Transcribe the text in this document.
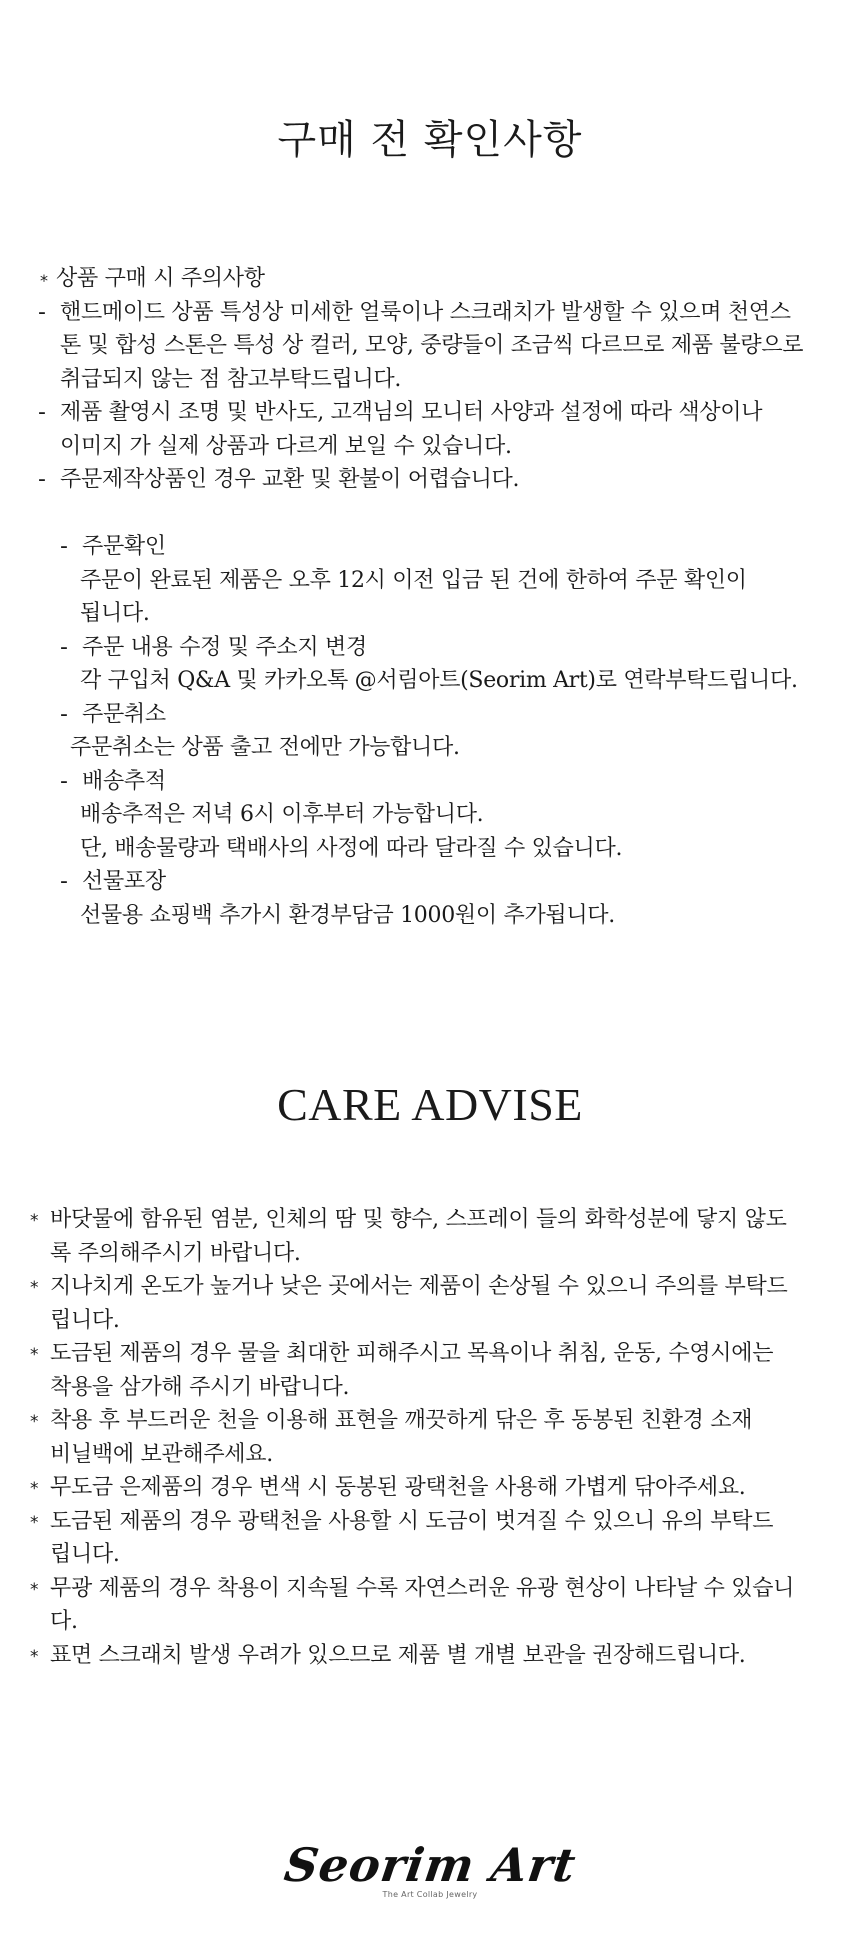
구매 전 확인사항
* 상품 구매 시 주의사항
- 핸드메이드 상품 특성상 미세한 얼룩이나 스크래치가 발생할 수 있으며 천연스
톤 및 합성 스톤은 특성 상 컬러, 모양, 중량들이 조금씩 다르므로 제품 불량으로
취급되지 않는 점 참고부탁드립니다.
- 제품 촬영시 조명 및 반사도, 고객님의 모니터 사양과 설정에 따라 색상이나
이미지 가 실제 상품과 다르게 보일 수 있습니다.
- 주문제작상품인 경우 교환 및 환불이 어렵습니다.
- 주문확인
주문이 완료된 제품은 오후 12시 이전 입금 된 건에 한하여 주문 확인이
됩니다.
- 주문 내용 수정 및 주소지 변경
각 구입처 Q&A 및 카카오톡 @서림아트(Seorim Art)로 연락부탁드립니다.
- 주문취소
주문취소는 상품 출고 전에만 가능합니다.
- 배송추적
배송추적은 저녁 6시 이후부터 가능합니다.
단, 배송물량과 택배사의 사정에 따라 달라질 수 있습니다.
- 선물포장
선물용 쇼핑백 추가시 환경부담금 1000원이 추가됩니다.
CARE ADVISE
* 바닷물에 함유된 염분, 인체의 땀 및 향수, 스프레이 들의 화학성분에 닿지 않도
록 주의해주시기 바랍니다.
* 지나치게 온도가 높거나 낮은 곳에서는 제품이 손상될 수 있으니 주의를 부탁드
립니다.
* 도금된 제품의 경우 물을 최대한 피해주시고 목욕이나 취침, 운동, 수영시에는
착용을 삼가해 주시기 바랍니다.
* 착용 후 부드러운 천을 이용해 표현을 깨끗하게 닦은 후 동봉된 친환경 소재
비닐백에 보관해주세요.
* 무도금 은제품의 경우 변색 시 동봉된 광택천을 사용해 가볍게 닦아주세요.
* 도금된 제품의 경우 광택천을 사용할 시 도금이 벗겨질 수 있으니 유의 부탁드
립니다.
* 무광 제품의 경우 착용이 지속될 수록 자연스러운 유광 현상이 나타날 수 있습니
다.
* 표면 스크래치 발생 우려가 있으므로 제품 별 개별 보관을 권장해드립니다.
Seorim Art
The Art Collab Jewelry
